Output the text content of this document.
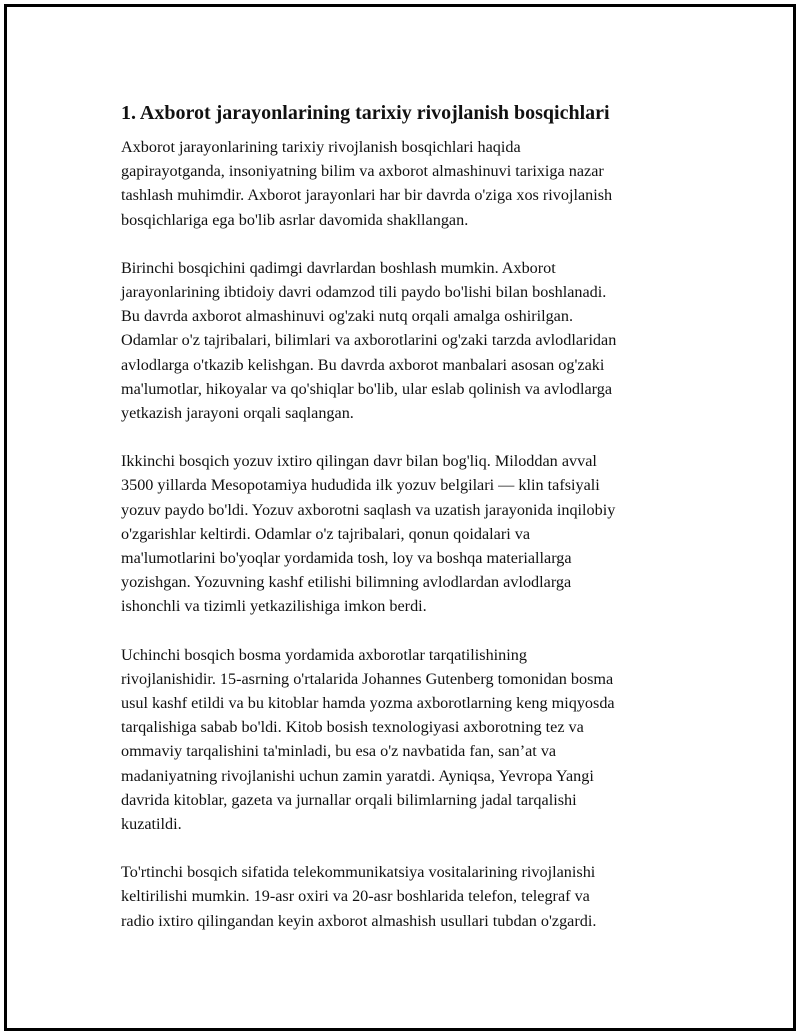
1. Axborot jarayonlarining tarixiy rivojlanish bosqichlari

Axborot jarayonlarining tarixiy rivojlanish bosqichlari haqida
gapirayotganda, insoniyatning bilim va axborot almashinuvi tarixiga nazar
tashlash muhimdir. Axborot jarayonlari har bir davrda o'ziga xos rivojlanish
bosqichlariga ega bo'lib asrlar davomida shakllangan.

Birinchi bosqichini qadimgi davrlardan boshlash mumkin. Axborot
jarayonlarining ibtidoiy davri odamzod tili paydo bo'lishi bilan boshlanadi.
Bu davrda axborot almashinuvi og'zaki nutq orqali amalga oshirilgan.
Odamlar o'z tajribalari, bilimlari va axborotlarini og'zaki tarzda avlodlaridan
avlodlarga o'tkazib kelishgan. Bu davrda axborot manbalari asosan og'zaki
ma'lumotlar, hikoyalar va qo'shiqlar bo'lib, ular eslab qolinish va avlodlarga
yetkazish jarayoni orqali saqlangan.

Ikkinchi bosqich yozuv ixtiro qilingan davr bilan bog'liq. Miloddan avval
3500 yillarda Mesopotamiya hududida ilk yozuv belgilari — klin tafsiyali
yozuv paydo bo'ldi. Yozuv axborotni saqlash va uzatish jarayonida inqilobiy
o'zgarishlar keltirdi. Odamlar o'z tajribalari, qonun qoidalari va
ma'lumotlarini bo'yoqlar yordamida tosh, loy va boshqa materiallarga
yozishgan. Yozuvning kashf etilishi bilimning avlodlardan avlodlarga
ishonchli va tizimli yetkazilishiga imkon berdi.

Uchinchi bosqich bosma yordamida axborotlar tarqatilishining
rivojlanishidir. 15-asrning o'rtalarida Johannes Gutenberg tomonidan bosma
usul kashf etildi va bu kitoblar hamda yozma axborotlarning keng miqyosda
tarqalishiga sabab bo'ldi. Kitob bosish texnologiyasi axborotning tez va
ommaviy tarqalishini ta'minladi, bu esa o'z navbatida fan, san’at va
madaniyatning rivojlanishi uchun zamin yaratdi. Ayniqsa, Yevropa Yangi
davrida kitoblar, gazeta va jurnallar orqali bilimlarning jadal tarqalishi
kuzatildi.

To'rtinchi bosqich sifatida telekommunikatsiya vositalarining rivojlanishi
keltirilishi mumkin. 19-asr oxiri va 20-asr boshlarida telefon, telegraf va
radio ixtiro qilingandan keyin axborot almashish usullari tubdan o'zgardi.
